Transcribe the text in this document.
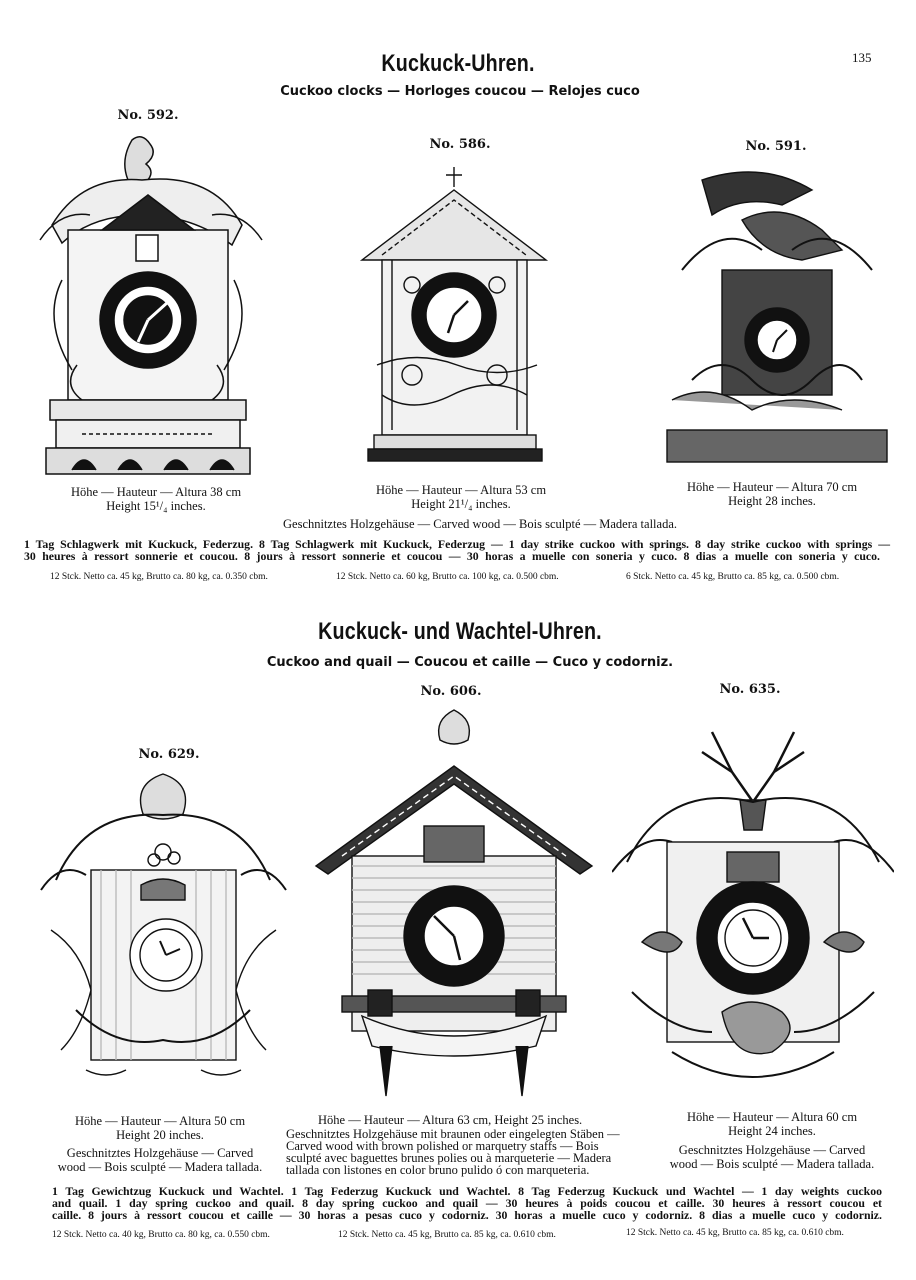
135
Kuckuck-Uhren.
Cuckoo clocks — Horloges coucou — Relojes cuco
No. 592.
No. 586.	No. 591.
Höhe — Hauteur — Altura 38 cm
Height 15¹/₄ inches.
Höhe — Hauteur — Altura 53 cm
Height 21¹/₄ inches.
Höhe — Hauteur — Altura 70 cm
Height 28 inches.
Geschnitztes Holzgehäuse — Carved wood — Bois sculpté — Madera tallada.
1 Tag Schlagwerk mit Kuckuck, Federzug. 8 Tag Schlagwerk mit Kuckuck, Federzug — 1 day strike cuckoo with springs. 8 day strike cuckoo with springs —
30 heures à ressort sonnerie et coucou. 8 jours à ressort sonnerie et coucou — 30 horas a muelle con soneria y cuco. 8 dias a muelle con soneria y cuco.
12 Stck. Netto ca. 45 kg, Brutto ca. 80 kg, ca. 0.350 cbm.	12 Stck. Netto ca. 60 kg, Brutto ca. 100 kg, ca. 0.500 cbm.	6 Stck. Netto ca. 45 kg, Brutto ca. 85 kg, ca. 0.500 cbm.
Kuckuck- und Wachtel-Uhren.
Cuckoo and quail — Coucou et caille — Cuco y codorniz.
No. 606.	No. 635.
No. 629.
Höhe — Hauteur — Altura 50 cm
Height 20 inches.
Geschnitztes Holzgehäuse — Carved
wood — Bois sculpté — Madera tallada.
Höhe — Hauteur — Altura 63 cm, Height 25 inches.
Geschnitztes Holzgehäuse mit braunen oder eingelegten Stäben —
Carved wood with brown polished or marquetry staffs — Bois
sculpté avec baguettes brunes polies ou à marqueterie — Madera
tallada con listones en color bruno pulido ó con marqueteria.
Höhe — Hauteur — Altura 60 cm
Height 24 inches.
Geschnitztes Holzgehäuse — Carved
wood — Bois sculpté — Madera tallada.
1 Tag Gewichtzug Kuckuck und Wachtel. 1 Tag Federzug Kuckuck und Wachtel. 8 Tag Federzug Kuckuck und Wachtel — 1 day weights cuckoo
and quail. 1 day spring cuckoo and quail. 8 day spring cuckoo and quail — 30 heures à poids coucou et caille. 30 heures à ressort coucou et
caille. 8 jours à ressort coucou et caille — 30 horas a pesas cuco y codorniz. 30 horas a muelle cuco y codorniz. 8 dias a muelle cuco y codorniz.
12 Stck. Netto ca. 40 kg, Brutto ca. 80 kg, ca. 0.550 cbm.	12 Stck. Netto ca. 45 kg, Brutto ca. 85 kg, ca. 0.610 cbm.	12 Stck. Netto ca. 45 kg, Brutto ca. 85 kg, ca. 0.610 cbm.
